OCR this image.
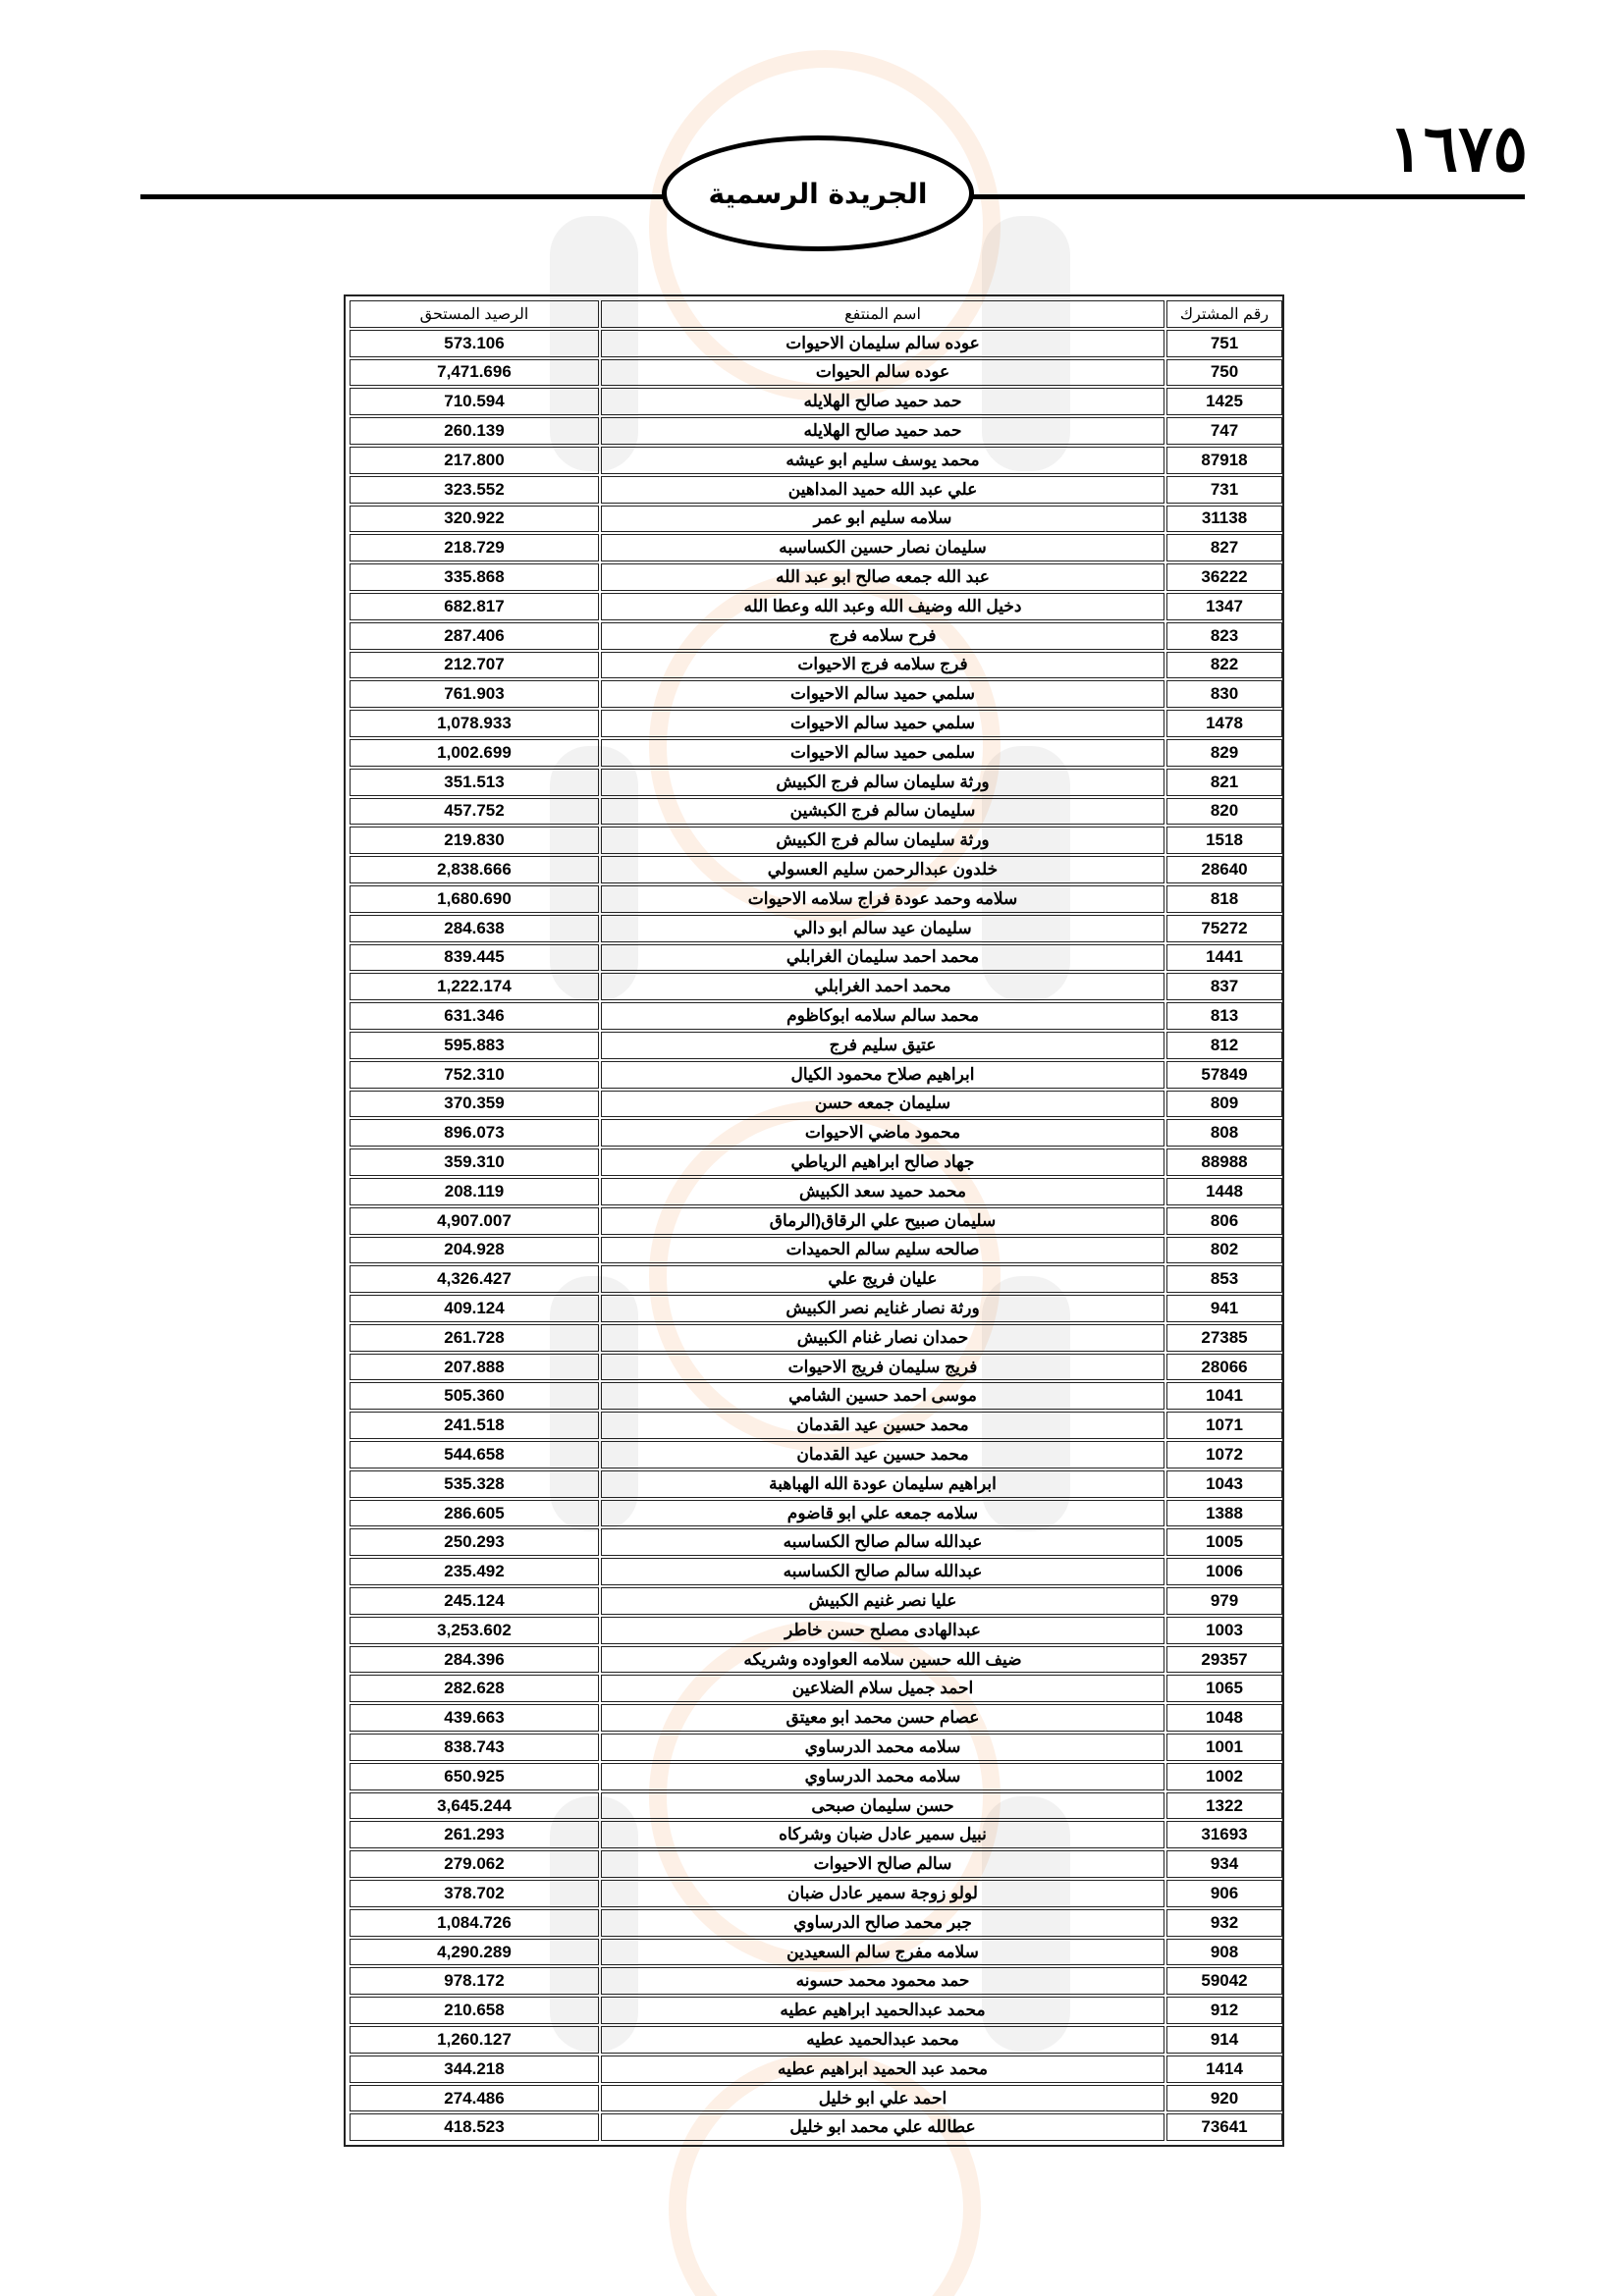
١٦٧٥
الجريدة الرسمية
الرصيد المستحق	اسم المنتفع	رقم المشترك
573.106	عوده سالم سليمان الاحيوات	751
7,471.696	عوده سالم الحيوات	750
710.594	حمد حميد صالح الهلايله	1425
260.139	حمد حميد صالح الهلايله	747
217.800	محمد يوسف سليم ابو عيشه	87918
323.552	علي عبد الله حميد المداهين	731
320.922	سلامه سليم ابو عمر	31138
218.729	سليمان نصار حسين الكساسبه	827
335.868	عبد الله جمعه صالح ابو عبد الله	36222
682.817	دخيل الله وضيف الله وعبد الله وعطا الله	1347
287.406	فرح سلامه فرج	823
212.707	فرج سلامه فرج الاحيوات	822
761.903	سلمي حميد سالم الاحيوات	830
1,078.933	سلمي حميد سالم الاحيوات	1478
1,002.699	سلمى حميد سالم الاحيوات	829
351.513	ورثة سليمان سالم فرج الكبيش	821
457.752	سليمان سالم فرج الكبشين	820
219.830	ورثة سليمان سالم فرج الكبيش	1518
2,838.666	خلدون عبدالرحمن سليم العسولي	28640
1,680.690	سلامه وحمد عودة فراج سلامه الاحيوات	818
284.638	سليمان عيد سالم ابو دالي	75272
839.445	محمد احمد سليمان الغرابلي	1441
1,222.174	محمد احمد الغرابلي	837
631.346	محمد سالم سلامه ابوكاظوم	813
595.883	عتيق سليم فرج	812
752.310	ابراهيم صلاح محمود الكيال	57849
370.359	سليمان جمعه حسن	809
896.073	محمود ماضي الاحيوات	808
359.310	جهاد صالح ابراهيم الرياطي	88988
208.119	محمد حميد سعد الكبيش	1448
4,907.007	سليمان صبيح علي الرقاق(الرماق	806
204.928	صالحه سليم سالم الحميدات	802
4,326.427	عليان فريج علي	853
409.124	ورثة نصار غنايم نصر الكبيش	941
261.728	حمدان نصار غنام الكبيش	27385
207.888	فريج سليمان فريج الاحيوات	28066
505.360	موسى احمد حسين الشامي	1041
241.518	محمد حسين عيد القدمان	1071
544.658	محمد حسين عيد القدمان	1072
535.328	ابراهيم سليمان عودة الله الهباهبة	1043
286.605	سلامه جمعه علي ابو قاضوم	1388
250.293	عبدالله سالم صالح الكساسبه	1005
235.492	عبدالله سالم صالح الكساسبه	1006
245.124	عليا نصر غنيم الكبيش	979
3,253.602	عبدالهادى مصلح حسن خاطر	1003
284.396	ضيف الله حسين سلامه العواوده وشريكه	29357
282.628	احمد جميل سلام الضلاعين	1065
439.663	عصام حسن محمد ابو معيتق	1048
838.743	سلامه محمد الدرساوي	1001
650.925	سلامه محمد الدرساوي	1002
3,645.244	حسن سليمان صبحى	1322
261.293	نبيل سمير عادل ضبان وشركاه	31693
279.062	سالم صالح الاحيوات	934
378.702	لولو زوجة سمير عادل ضبان	906
1,084.726	جبر محمد صالح الدرساوي	932
4,290.289	سلامه مفرج سالم السعيدين	908
978.172	حمد محمود محمد حسونه	59042
210.658	محمد عبدالحميد ابراهيم عطيه	912
1,260.127	محمد عبدالحميد عطيه	914
344.218	محمد عبد الحميد ابراهيم عطيه	1414
274.486	احمد علي ابو خليل	920
418.523	عطالله علي محمد ابو خليل	73641
